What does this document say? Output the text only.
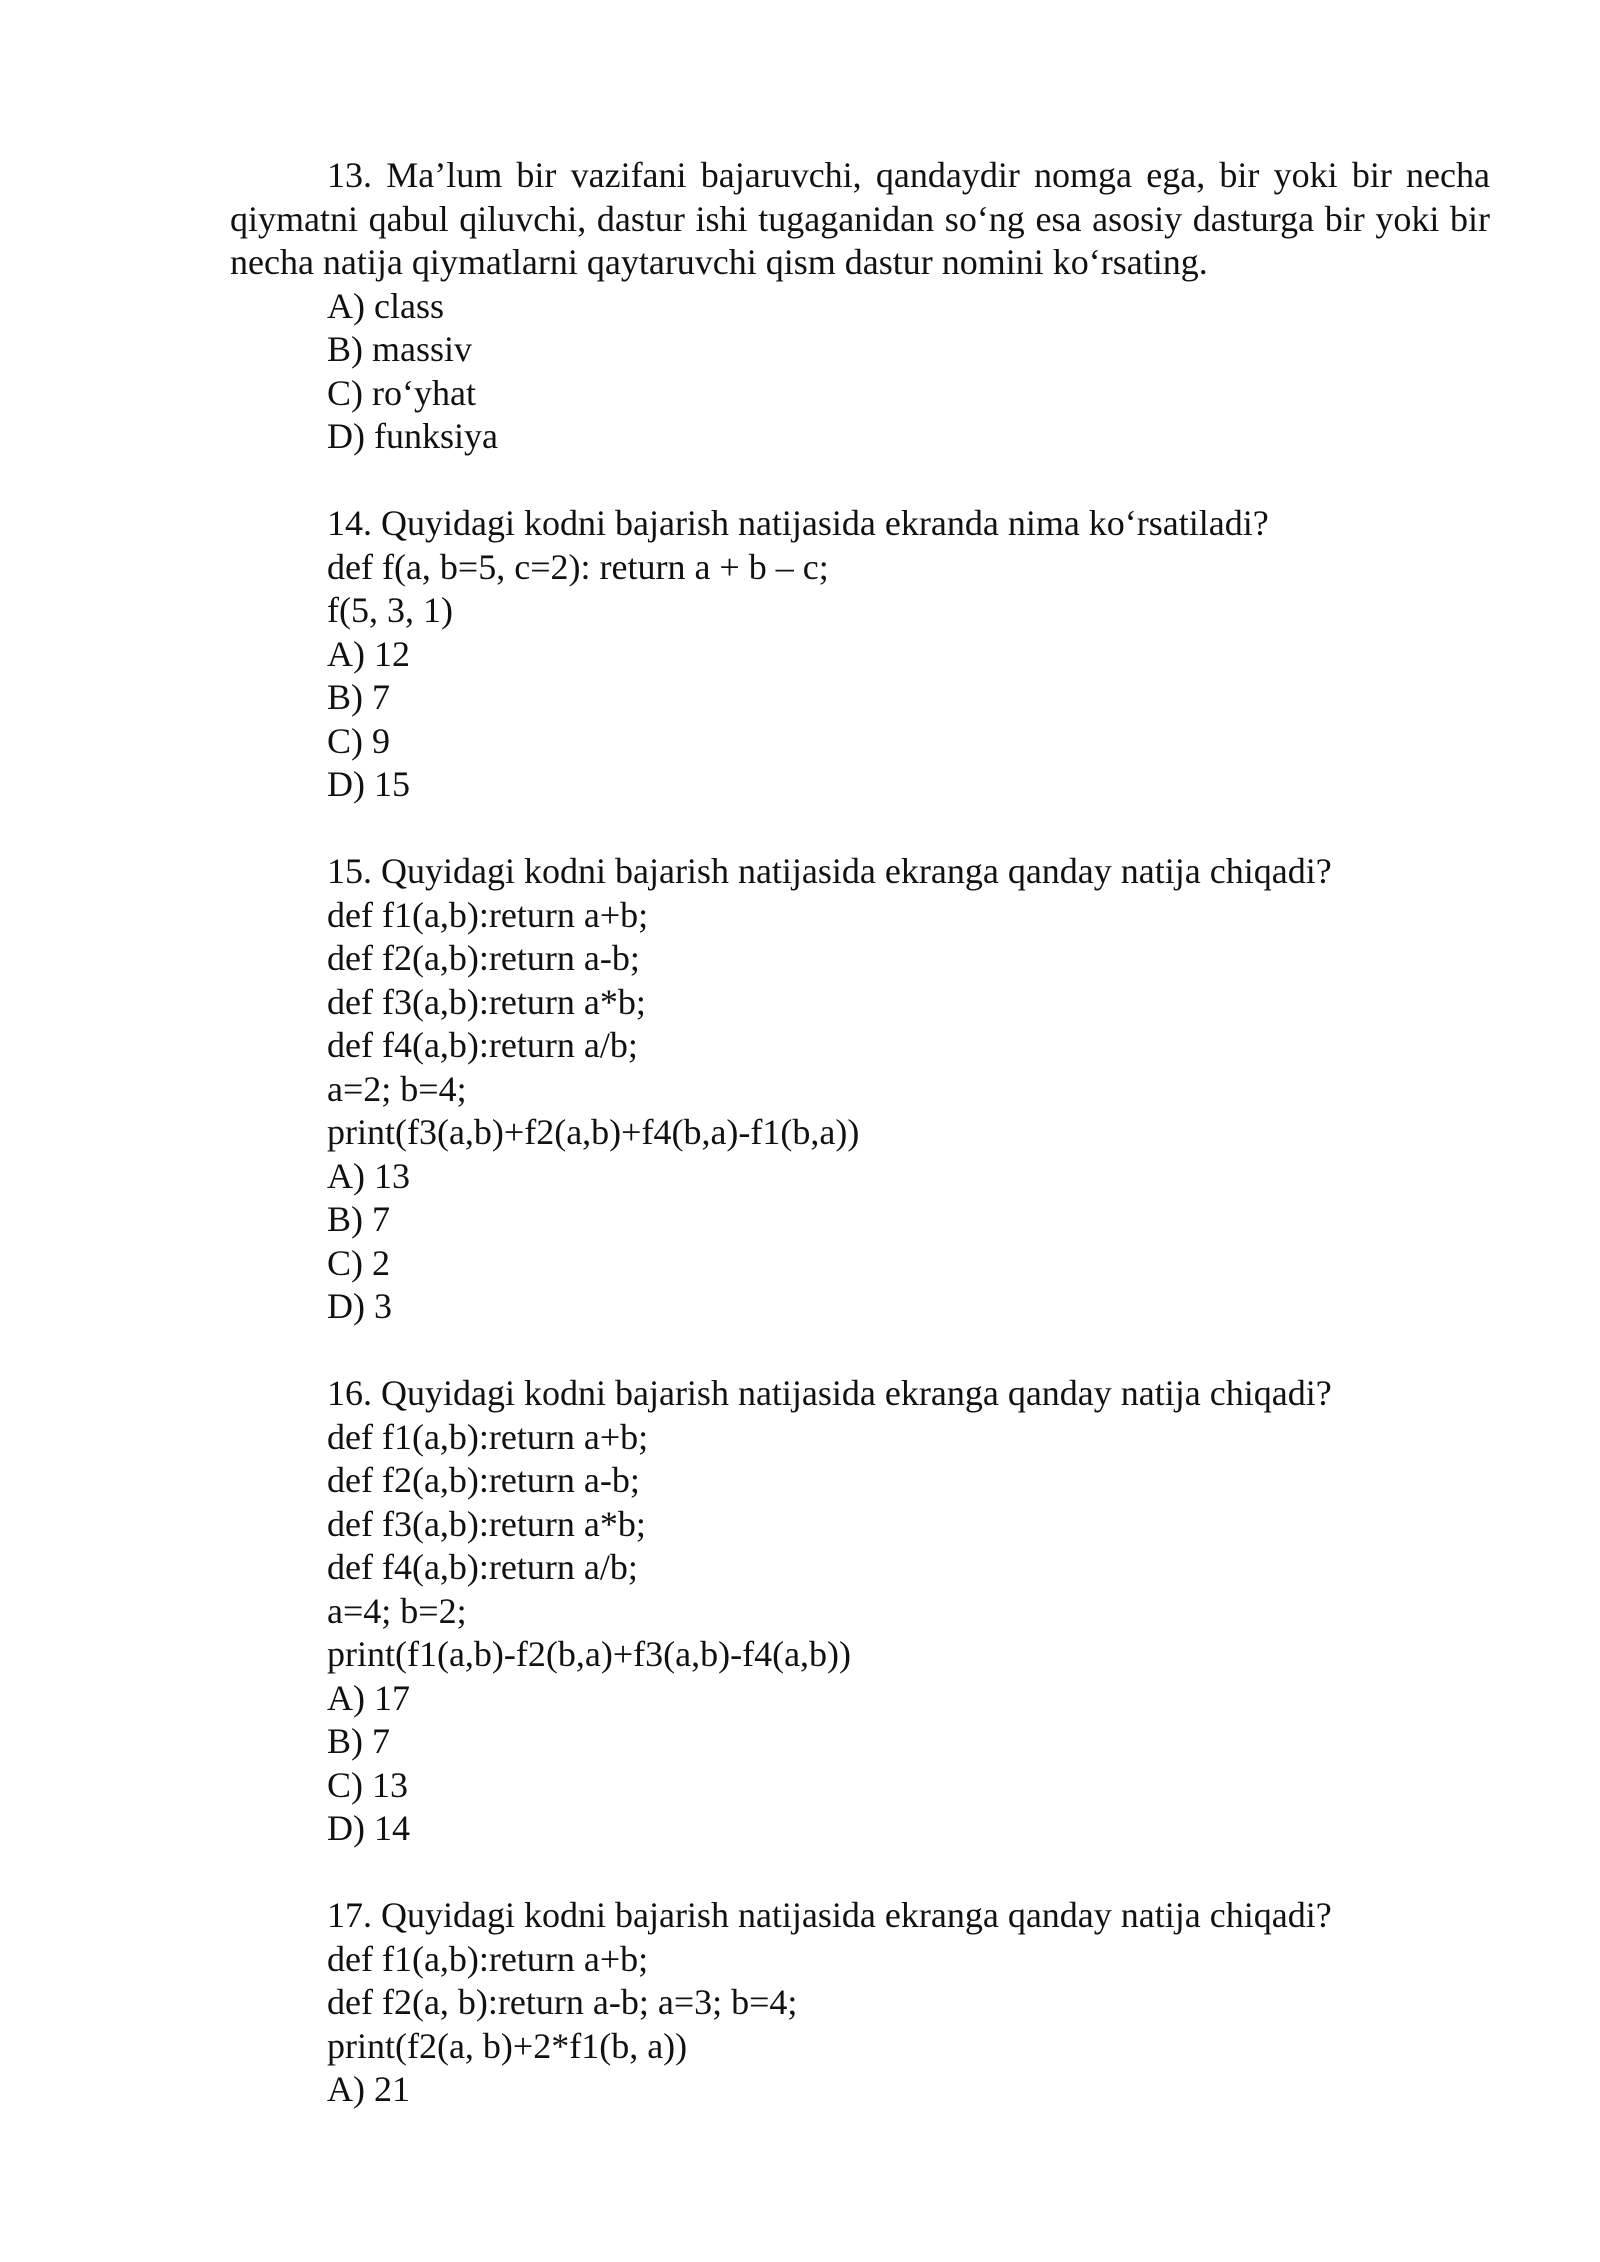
13. Ma’lum bir vazifani bajaruvchi, qandaydir nomga ega, bir yoki bir necha qiymatni qabul qiluvchi, dastur ishi tugaganidan so‘ng esa asosiy dasturga bir yoki bir necha natija qiymatlarni qaytaruvchi qism dastur nomini ko‘rsating.

A) class
B) massiv
C) ro‘yhat
D) funksiya

14. Quyidagi kodni bajarish natijasida ekranda nima ko‘rsatiladi?

def f(a, b=5, c=2): return a + b – c;
f(5, 3, 1)
A) 12
B) 7
C) 9
D) 15

15. Quyidagi kodni bajarish natijasida ekranga qanday natija chiqadi?

def f1(a,b):return a+b;
def f2(a,b):return a-b;
def f3(a,b):return a*b;
def f4(a,b):return a/b;
a=2; b=4;
print(f3(a,b)+f2(a,b)+f4(b,a)-f1(b,a))
A) 13
B) 7
C) 2
D) 3

16. Quyidagi kodni bajarish natijasida ekranga qanday natija chiqadi?

def f1(a,b):return a+b;
def f2(a,b):return a-b;
def f3(a,b):return a*b;
def f4(a,b):return a/b;
a=4; b=2;
print(f1(a,b)-f2(b,a)+f3(a,b)-f4(a,b))
A) 17
B) 7
C) 13
D) 14

17. Quyidagi kodni bajarish natijasida ekranga qanday natija chiqadi?

def f1(a,b):return a+b;
def f2(a, b):return a-b; a=3; b=4;
print(f2(a, b)+2*f1(b, a))
A) 21
